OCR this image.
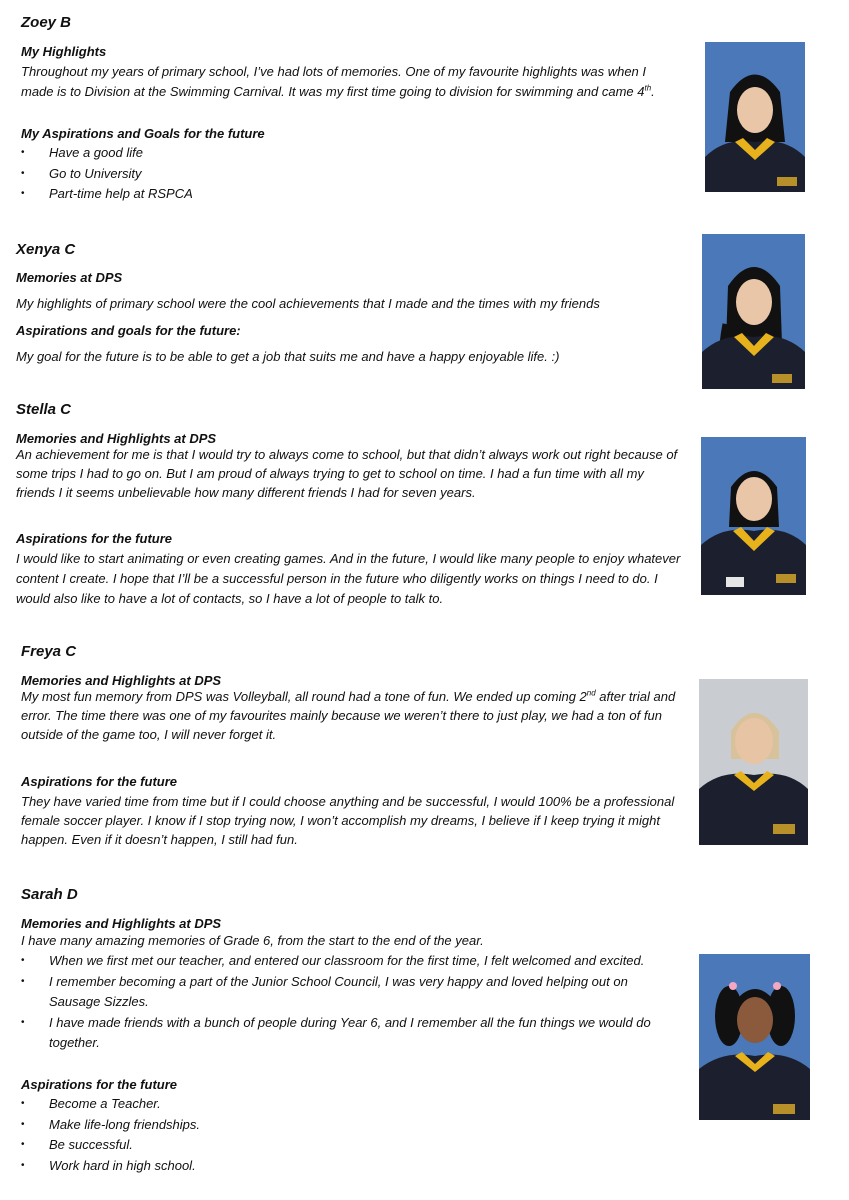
Zoey B

My Highlights

Throughout my years of primary school, I’ve had lots of memories. One of my favourite highlights was when I made is to Division at the Swimming Carnival. It was my first time going to division for swimming and came 4th.

My Aspirations and Goals for the future

• Have a good life
• Go to University
• Part-time help at RSPCA

Xenya C

Memories at DPS

My highlights of primary school were the cool achievements that I made and the times with my friends

Aspirations and goals for the future:

My goal for the future is to be able to get a job that suits me and have a happy enjoyable life. :)

Stella C

Memories and Highlights at DPS

An achievement for me is that I would try to always come to school, but that didn’t always work out right because of some trips I had to go on. But I am proud of always trying to get to school on time. I had a fun time with all my friends I it seems unbelievable how many different friends I had for seven years.

Aspirations for the future

I would like to start animating or even creating games. And in the future, I would like many people to enjoy whatever content I create. I hope that I’ll be a successful person in the future who diligently works on things I need to do. I would also like to have a lot of contacts, so I have a lot of people to talk to.

Freya C

Memories and Highlights at DPS

My most fun memory from DPS was Volleyball, all round had a tone of fun. We ended up coming 2nd after trial and error. The time there was one of my favourites mainly because we weren’t there to just play, we had a ton of fun outside of the game too, I will never forget it.

Aspirations for the future

They have varied time from time but if I could choose anything and be successful, I would 100% be a professional female soccer player. I know if I stop trying now, I won’t accomplish my dreams, I believe if I keep trying it might happen. Even if it doesn’t happen, I still had fun.

Sarah D

Memories and Highlights at DPS

I have many amazing memories of Grade 6, from the start to the end of the year.

• When we first met our teacher, and entered our classroom for the first time, I felt welcomed and excited.
• I remember becoming a part of the Junior School Council, I was very happy and loved helping out on Sausage Sizzles.
• I have made friends with a bunch of people during Year 6, and I remember all the fun things we would do together.

Aspirations for the future

• Become a Teacher.
• Make life-long friendships.
• Be successful.
• Work hard in high school.
